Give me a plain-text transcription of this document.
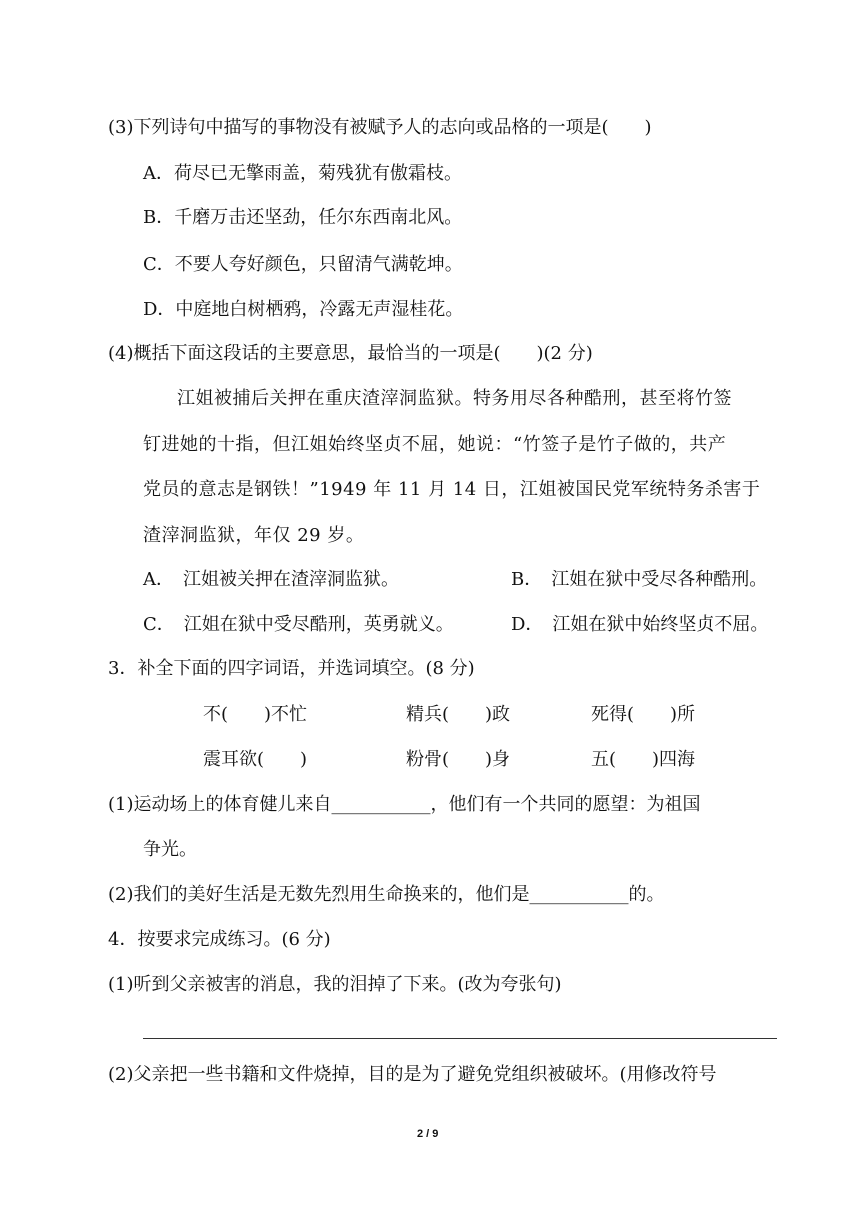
(3)下列诗句中描写的事物没有被赋予人的志向或品格的一项是(　　)
A．荷尽已无擎雨盖，菊残犹有傲霜枝。
B．千磨万击还坚劲，任尔东西南北风。
C．不要人夸好颜色，只留清气满乾坤。
D．中庭地白树栖鸦，冷露无声湿桂花。
(4)概括下面这段话的主要意思，最恰当的一项是(　　)(2 分)
江姐被捕后关押在重庆渣滓洞监狱。特务用尽各种酷刑，甚至将竹签
钉进她的十指，但江姐始终坚贞不屈，她说：“竹签子是竹子做的，共产
党员的意志是钢铁！”1949 年 11 月 14 日，江姐被国民党军统特务杀害于
渣滓洞监狱，年仅 29 岁。
A．　江姐被关押在渣滓洞监狱。	B．　江姐在狱中受尽各种酷刑。
C．　江姐在狱中受尽酷刑，英勇就义。	D．　江姐在狱中始终坚贞不屈。
3．补全下面的四字词语，并选词填空。(8 分)
不(　　)不忙	精兵(　　)政	死得(　　)所
震耳欲(　　)	粉骨(　　)身	五(　　)四海
(1)运动场上的体育健儿来自___________，他们有一个共同的愿望：为祖国
争光。
(2)我们的美好生活是无数先烈用生命换来的，他们是___________的。
4．按要求完成练习。(6 分)
(1)听到父亲被害的消息，我的泪掉了下来。(改为夸张句)
(2)父亲把一些书籍和文件烧掉，目的是为了避免党组织被破坏。(用修改符号
2 / 9
